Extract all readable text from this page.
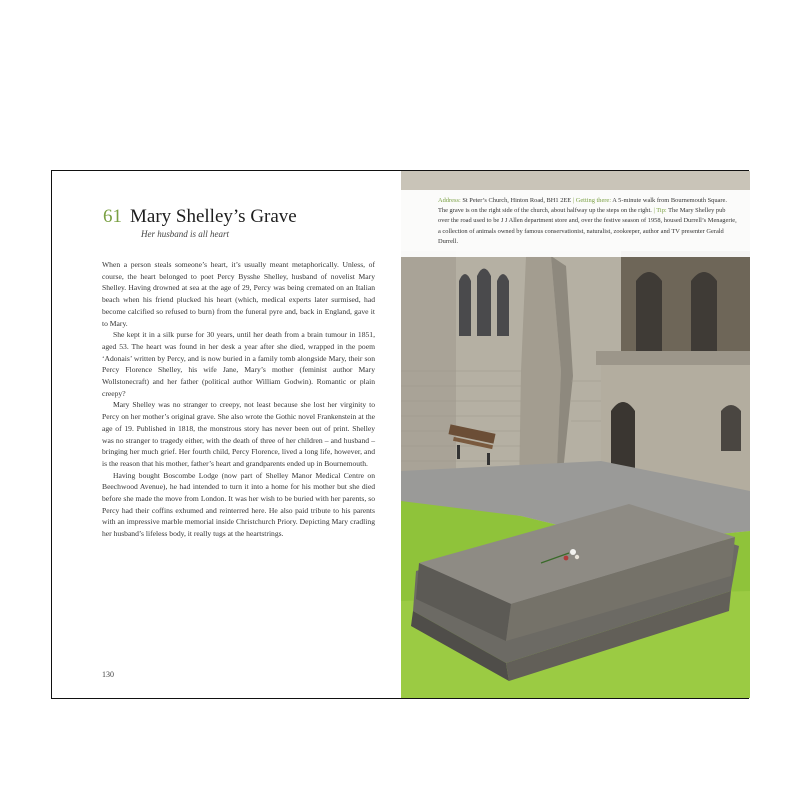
61 Mary Shelley’s Grave
Her husband is all heart

When a person steals someone’s heart, it’s usually meant metaphorically. Unless, of course, the heart belonged to poet Percy Bysshe Shelley, husband of novelist Mary Shelley. Having drowned at sea at the age of 29, Percy was being cremated on an Italian beach when his friend plucked his heart (which, medical experts later surmised, had become calcified so refused to burn) from the funeral pyre and, back in England, gave it to Mary.

She kept it in a silk purse for 30 years, until her death from a brain tumour in 1851, aged 53. The heart was found in her desk a year after she died, wrapped in the poem ‘Adonais’ written by Percy, and is now buried in a family tomb alongside Mary, their son Percy Florence Shelley, his wife Jane, Mary’s mother (feminist author Mary Wollstonecraft) and her father (political author William Godwin). Romantic or plain creepy?

Mary Shelley was no stranger to creepy, not least because she lost her virginity to Percy on her mother’s original grave. She also wrote the Gothic novel Frankenstein at the age of 19. Published in 1818, the monstrous story has never been out of print. Shelley was no stranger to tragedy either, with the death of three of her children – and husband – bringing her much grief. Her fourth child, Percy Florence, lived a long life, however, and is the reason that his mother, father’s heart and grandparents ended up in Bournemouth.

Having bought Boscombe Lodge (now part of Shelley Manor Medical Centre on Beechwood Avenue), he had intended to turn it into a home for his mother but she died before she made the move from London. It was her wish to be buried with her parents, so Percy had their coffins exhumed and reinterred here. He also paid tribute to his parents with an impressive marble memorial inside Christchurch Priory. Depicting Mary cradling her husband’s lifeless body, it really tugs at the heartstrings.

130
Address: St Peter’s Church, Hinton Road, BH1 2EE | Getting there: A 5-minute walk from Bournemouth Square. The grave is on the right side of the church, about halfway up the steps on the right. | Tip: The Mary Shelley pub over the road used to be J J Allen department store and, over the festive season of 1958, housed Durrell’s Menagerie, a collection of animals owned by famous conservationist, naturalist, zookeeper, author and TV presenter Gerald Durrell.
